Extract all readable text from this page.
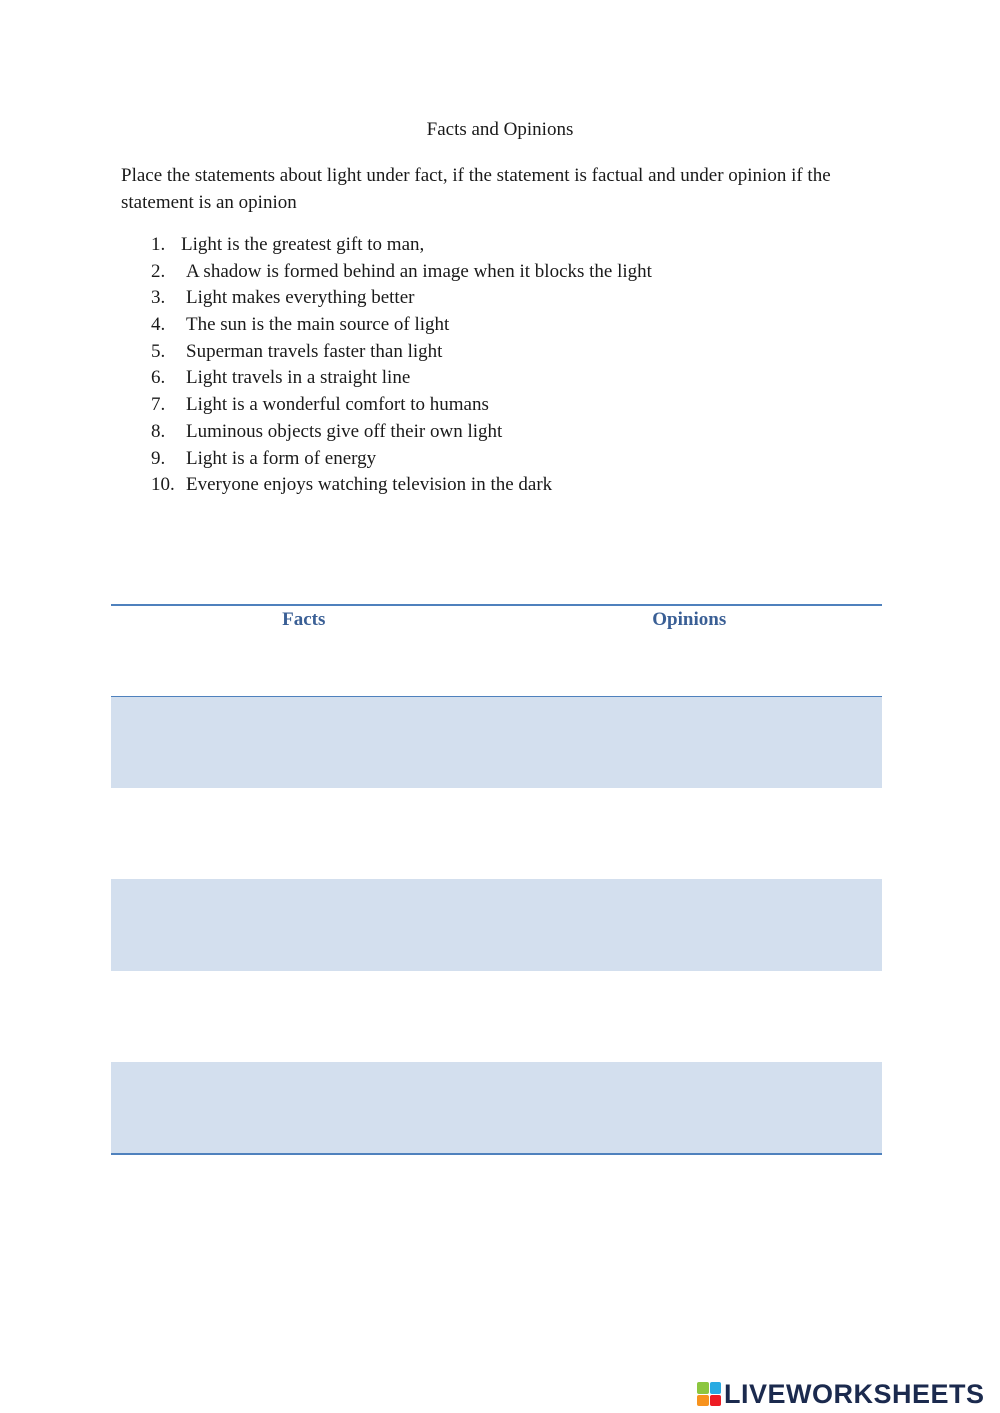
Facts and Opinions
Place the statements about light under fact, if the statement is factual and under opinion if the statement is an opinion
1. Light is the greatest gift to man,
2. A shadow is formed behind an image when it blocks the light
3. Light makes everything better
4. The sun is the main source of light
5. Superman travels faster than light
6. Light travels in a straight line
7. Light is a wonderful comfort to humans
8. Luminous objects give off their own light
9. Light is a form of energy
10. Everyone enjoys watching television in the dark
Facts	Opinions
LIVEWORKSHEETS
